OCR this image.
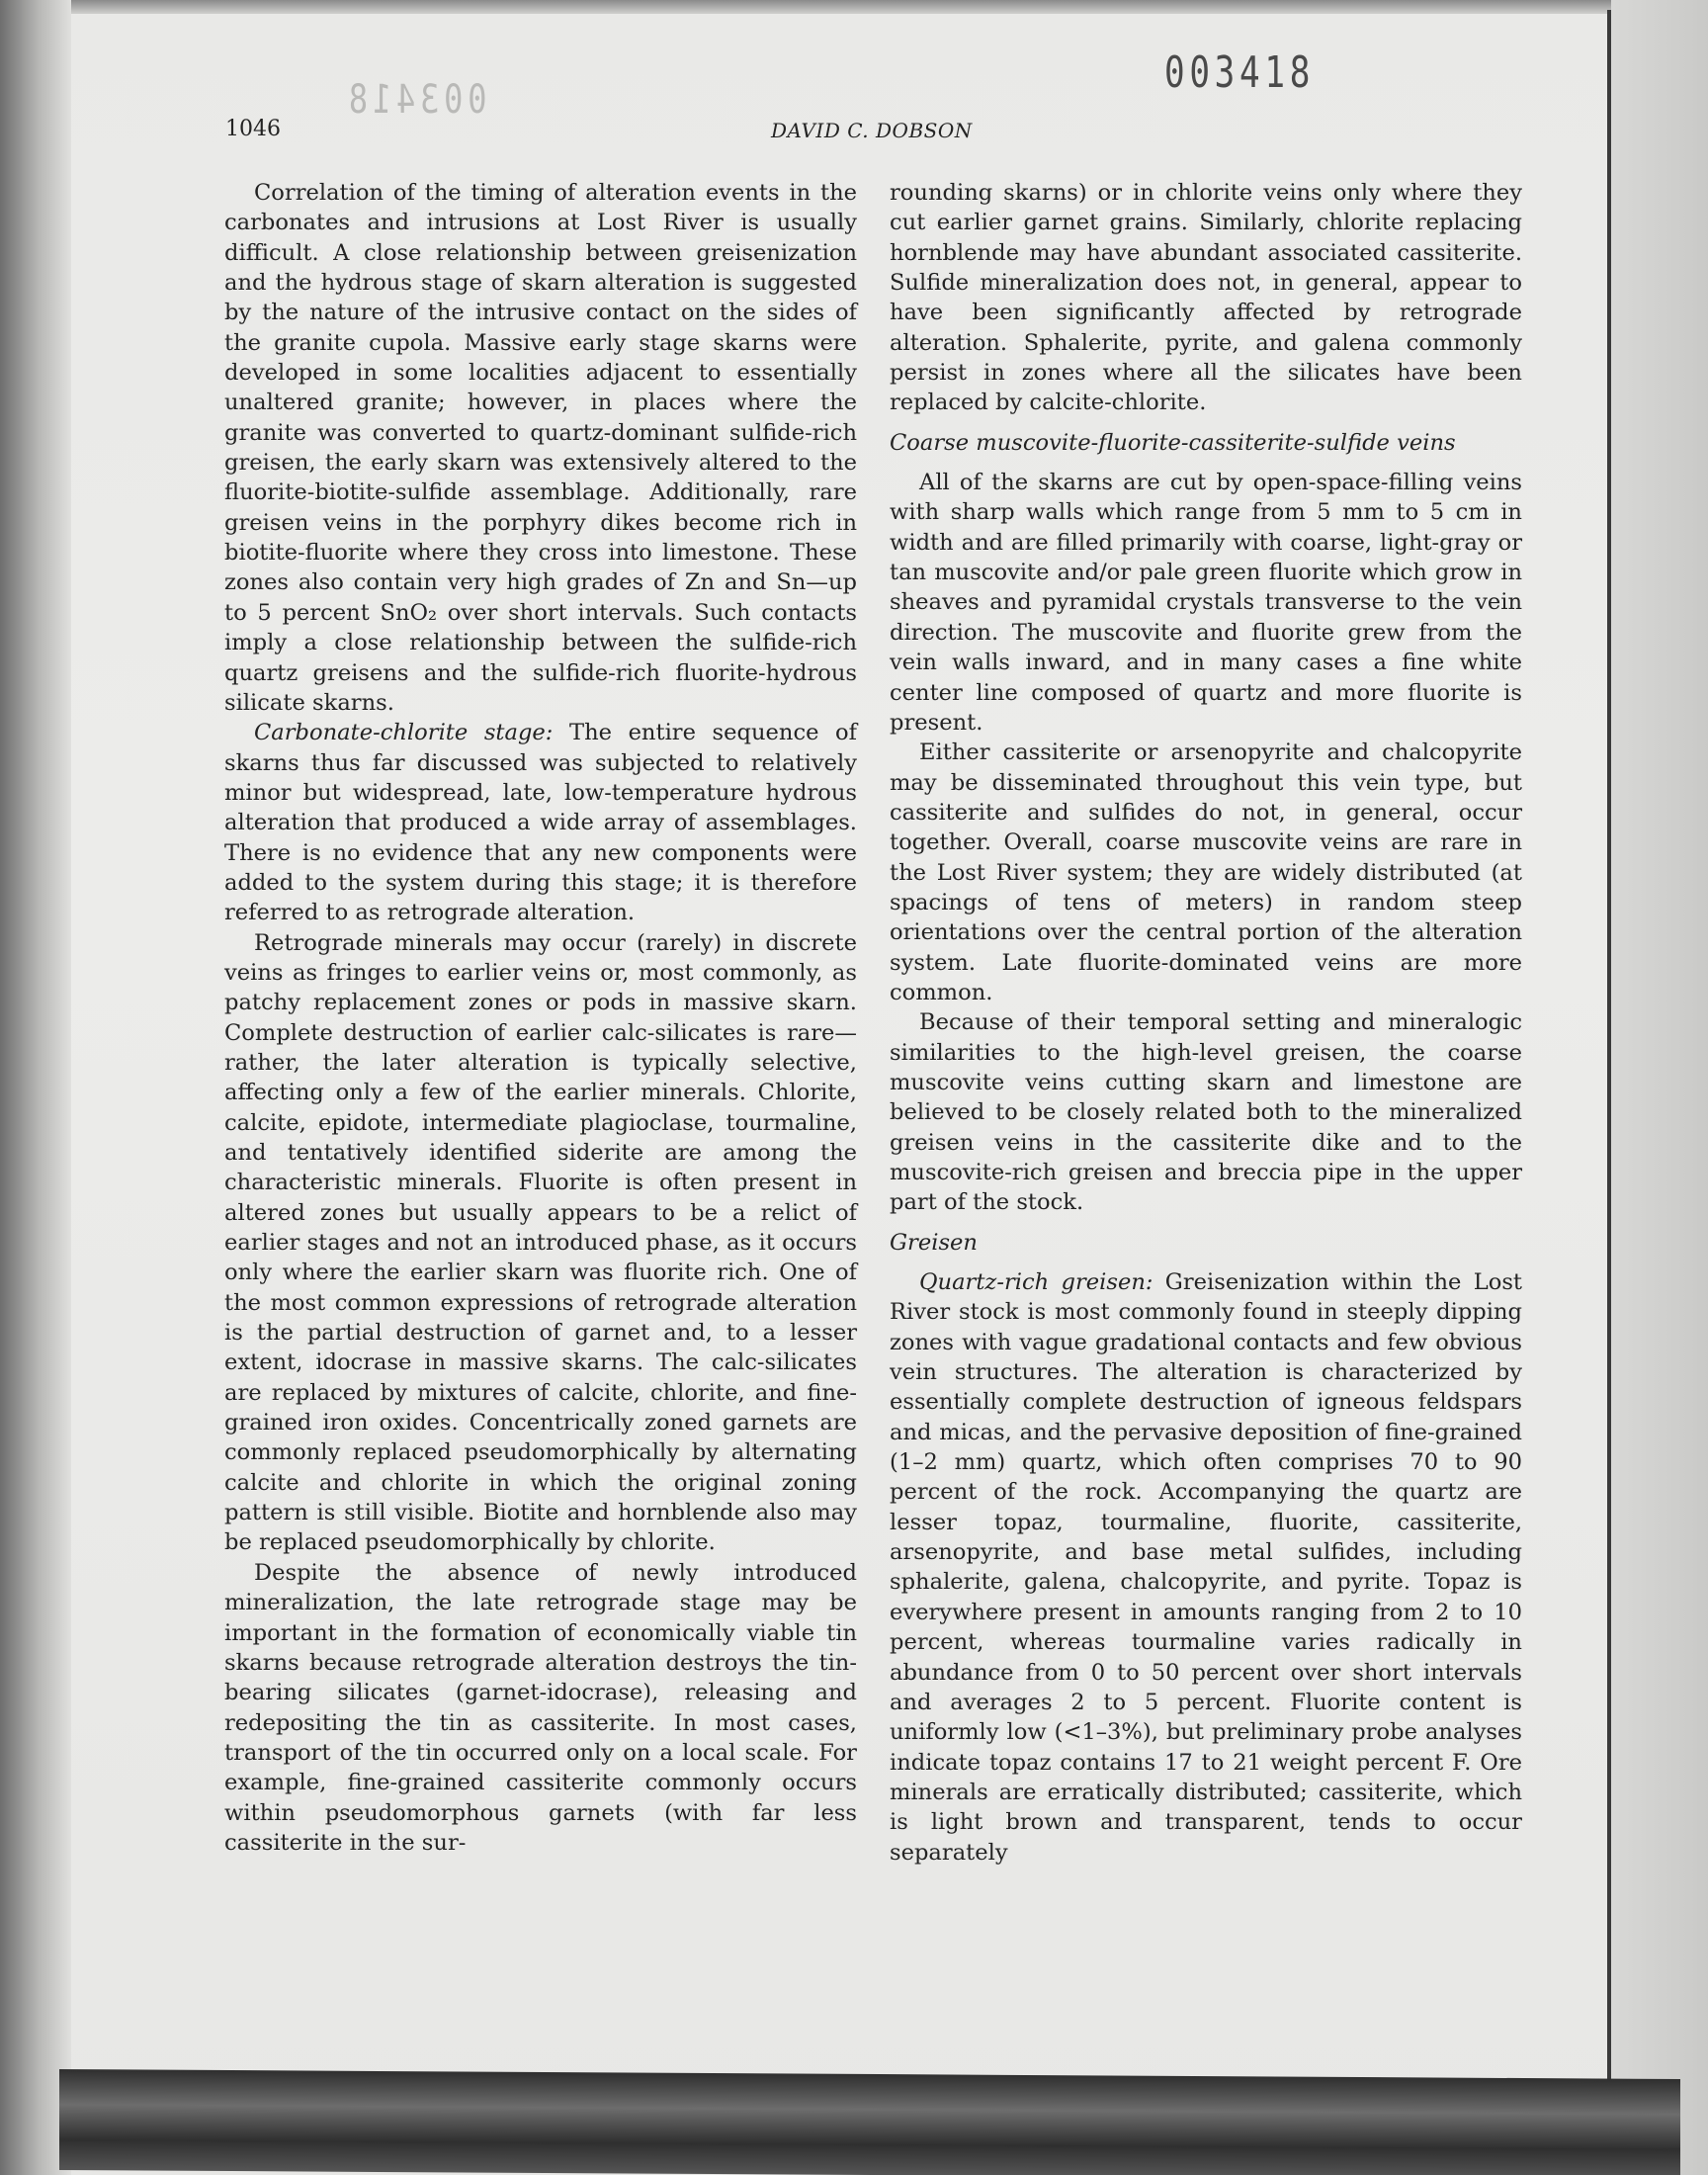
003418
003418
1046	DAVID C. DOBSON

Correlation of the timing of alteration events in the carbonates and intrusions at Lost River is usually difficult. A close relationship between greisenization and the hydrous stage of skarn alteration is suggested by the nature of the intrusive contact on the sides of the granite cupola. Massive early stage skarns were developed in some localities adjacent to essentially unaltered granite; however, in places where the granite was converted to quartz-dominant sulfide-rich greisen, the early skarn was extensively altered to the fluorite-biotite-sulfide assemblage. Additionally, rare greisen veins in the porphyry dikes become rich in biotite-fluorite where they cross into limestone. These zones also contain very high grades of Zn and Sn—up to 5 percent SnO₂ over short intervals. Such contacts imply a close relationship between the sulfide-rich quartz greisens and the sulfide-rich fluorite-hydrous silicate skarns.

Carbonate-chlorite stage: The entire sequence of skarns thus far discussed was subjected to relatively minor but widespread, late, low-temperature hydrous alteration that produced a wide array of assemblages. There is no evidence that any new components were added to the system during this stage; it is therefore referred to as retrograde alteration.

Retrograde minerals may occur (rarely) in discrete veins as fringes to earlier veins or, most commonly, as patchy replacement zones or pods in massive skarn. Complete destruction of earlier calc-silicates is rare—rather, the later alteration is typically selective, affecting only a few of the earlier minerals. Chlorite, calcite, epidote, intermediate plagioclase, tourmaline, and tentatively identified siderite are among the characteristic minerals. Fluorite is often present in altered zones but usually appears to be a relict of earlier stages and not an introduced phase, as it occurs only where the earlier skarn was fluorite rich. One of the most common expressions of retrograde alteration is the partial destruction of garnet and, to a lesser extent, idocrase in massive skarns. The calc-silicates are replaced by mixtures of calcite, chlorite, and fine-grained iron oxides. Concentrically zoned garnets are commonly replaced pseudomorphically by alternating calcite and chlorite in which the original zoning pattern is still visible. Biotite and hornblende also may be replaced pseudomorphically by chlorite.

Despite the absence of newly introduced mineralization, the late retrograde stage may be important in the formation of economically viable tin skarns because retrograde alteration destroys the tin-bearing silicates (garnet-idocrase), releasing and redepositing the tin as cassiterite. In most cases, transport of the tin occurred only on a local scale. For example, fine-grained cassiterite commonly occurs within pseudomorphous garnets (with far less cassiterite in the sur-

rounding skarns) or in chlorite veins only where they cut earlier garnet grains. Similarly, chlorite replacing hornblende may have abundant associated cassiterite. Sulfide mineralization does not, in general, appear to have been significantly affected by retrograde alteration. Sphalerite, pyrite, and galena commonly persist in zones where all the silicates have been replaced by calcite-chlorite.

Coarse muscovite-fluorite-cassiterite-sulfide veins

All of the skarns are cut by open-space-filling veins with sharp walls which range from 5 mm to 5 cm in width and are filled primarily with coarse, light-gray or tan muscovite and/or pale green fluorite which grow in sheaves and pyramidal crystals transverse to the vein direction. The muscovite and fluorite grew from the vein walls inward, and in many cases a fine white center line composed of quartz and more fluorite is present.

Either cassiterite or arsenopyrite and chalcopyrite may be disseminated throughout this vein type, but cassiterite and sulfides do not, in general, occur together. Overall, coarse muscovite veins are rare in the Lost River system; they are widely distributed (at spacings of tens of meters) in random steep orientations over the central portion of the alteration system. Late fluorite-dominated veins are more common.

Because of their temporal setting and mineralogic similarities to the high-level greisen, the coarse muscovite veins cutting skarn and limestone are believed to be closely related both to the mineralized greisen veins in the cassiterite dike and to the muscovite-rich greisen and breccia pipe in the upper part of the stock.

Greisen

Quartz-rich greisen: Greisenization within the Lost River stock is most commonly found in steeply dipping zones with vague gradational contacts and few obvious vein structures. The alteration is characterized by essentially complete destruction of igneous feldspars and micas, and the pervasive deposition of fine-grained (1–2 mm) quartz, which often comprises 70 to 90 percent of the rock. Accompanying the quartz are lesser topaz, tourmaline, fluorite, cassiterite, arsenopyrite, and base metal sulfides, including sphalerite, galena, chalcopyrite, and pyrite. Topaz is everywhere present in amounts ranging from 2 to 10 percent, whereas tourmaline varies radically in abundance from 0 to 50 percent over short intervals and averages 2 to 5 percent. Fluorite content is uniformly low (<1–3%), but preliminary probe analyses indicate topaz contains 17 to 21 weight percent F. Ore minerals are erratically distributed; cassiterite, which is light brown and transparent, tends to occur separately
